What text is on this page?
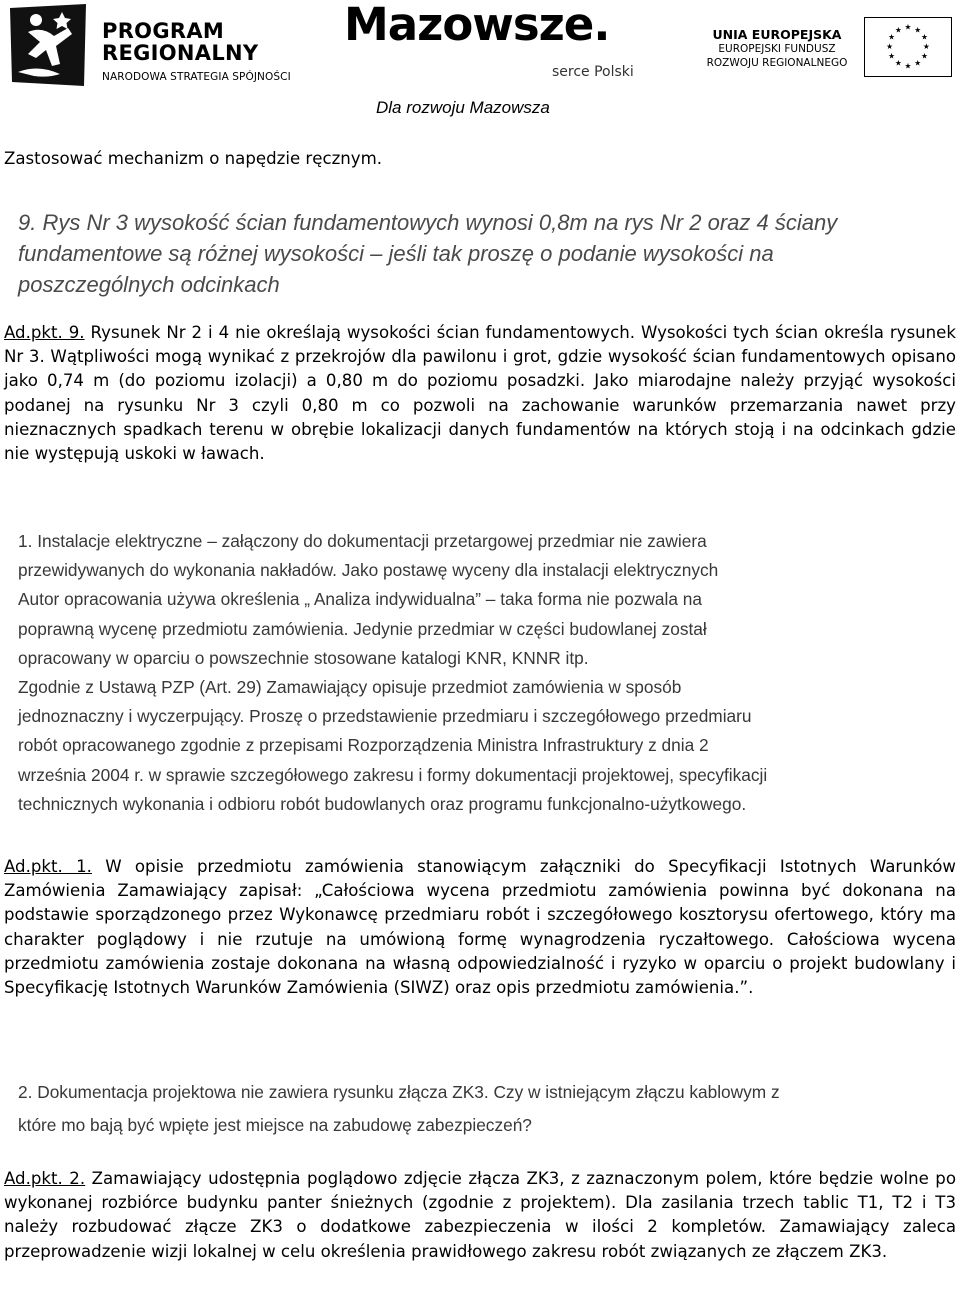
PROGRAM
REGIONALNY
NARODOWA STRATEGIA SPÓJNOŚCI
Mazowsze.
serce Polski
UNIA EUROPEJSKA
EUROPEJSKI FUNDUSZ
ROZWOJU REGIONALNEGO
★ ★
★
★
★
★
★
★
★
★
★
★
Dla rozwoju Mazowsza
Zastosować mechanizm o napędzie ręcznym.
9. Rys Nr 3 wysokość ścian fundamentowych wynosi 0,8m na rys Nr 2 oraz 4 ściany
fundamentowe są różnej wysokości – jeśli tak proszę o podanie wysokości na
poszczególnych odcinkach
Ad.pkt. 9. Rysunek Nr 2 i 4 nie określają wysokości ścian fundamentowych. Wysokości tych ścian określa rysunek Nr 3. Wątpliwości mogą wynikać z przekrojów dla pawilonu i grot, gdzie wysokość ścian fundamentowych opisano jako 0,74 m (do poziomu izolacji) a 0,80 m do poziomu posadzki. Jako miarodajne należy przyjąć wysokości podanej na rysunku Nr 3 czyli 0,80 m co pozwoli na zachowanie warunków przemarzania nawet przy nieznacznych spadkach terenu w obrębie lokalizacji danych fundamentów na których stoją i na odcinkach gdzie nie występują uskoki w ławach.
1. Instalacje elektryczne – załączony do dokumentacji przetargowej przedmiar nie zawiera
przewidywanych do wykonania nakładów. Jako postawę wyceny dla instalacji elektrycznych
Autor opracowania używa określenia „ Analiza indywidualna” – taka forma nie pozwala na
poprawną wycenę przedmiotu zamówienia. Jedynie przedmiar w części budowlanej został
opracowany w oparciu o powszechnie stosowane katalogi KNR, KNNR itp.
Zgodnie z Ustawą PZP (Art. 29) Zamawiający opisuje przedmiot zamówienia w sposób
jednoznaczny i wyczerpujący. Proszę o przedstawienie przedmiaru i szczegółowego przedmiaru
robót opracowanego zgodnie z przepisami Rozporządzenia Ministra Infrastruktury z dnia 2
września 2004 r. w sprawie szczegółowego zakresu i formy dokumentacji projektowej, specyfikacji
technicznych wykonania i odbioru robót budowlanych oraz programu funkcjonalno-użytkowego.
Ad.pkt. 1. W opisie przedmiotu zamówienia stanowiącym załączniki do Specyfikacji Istotnych Warunków Zamówienia Zamawiający zapisał: „Całościowa wycena przedmiotu zamówienia powinna być dokonana na podstawie sporządzonego przez Wykonawcę przedmiaru robót i szczegółowego kosztorysu ofertowego, który ma charakter poglądowy i nie rzutuje na umówioną formę wynagrodzenia ryczałtowego. Całościowa wycena przedmiotu zamówienia zostaje dokonana na własną odpowiedzialność i ryzyko w oparciu o projekt budowlany i Specyfikację Istotnych Warunków Zamówienia (SIWZ) oraz opis przedmiotu zamówienia.”.
2. Dokumentacja projektowa nie zawiera rysunku złącza ZK3. Czy w istniejącym złączu kablowym z
które mo bają być wpięte jest miejsce na zabudowę zabezpieczeń?
Ad.pkt. 2. Zamawiający udostępnia poglądowo zdjęcie złącza ZK3, z zaznaczonym polem, które będzie wolne po wykonanej rozbiórce budynku panter śnieżnych (zgodnie z projektem). Dla zasilania trzech tablic T1, T2 i T3 należy rozbudować złącze ZK3 o dodatkowe zabezpieczenia w ilości 2 kompletów. Zamawiający zaleca przeprowadzenie wizji lokalnej w celu określenia prawidłowego zakresu robót związanych ze złączem ZK3.
